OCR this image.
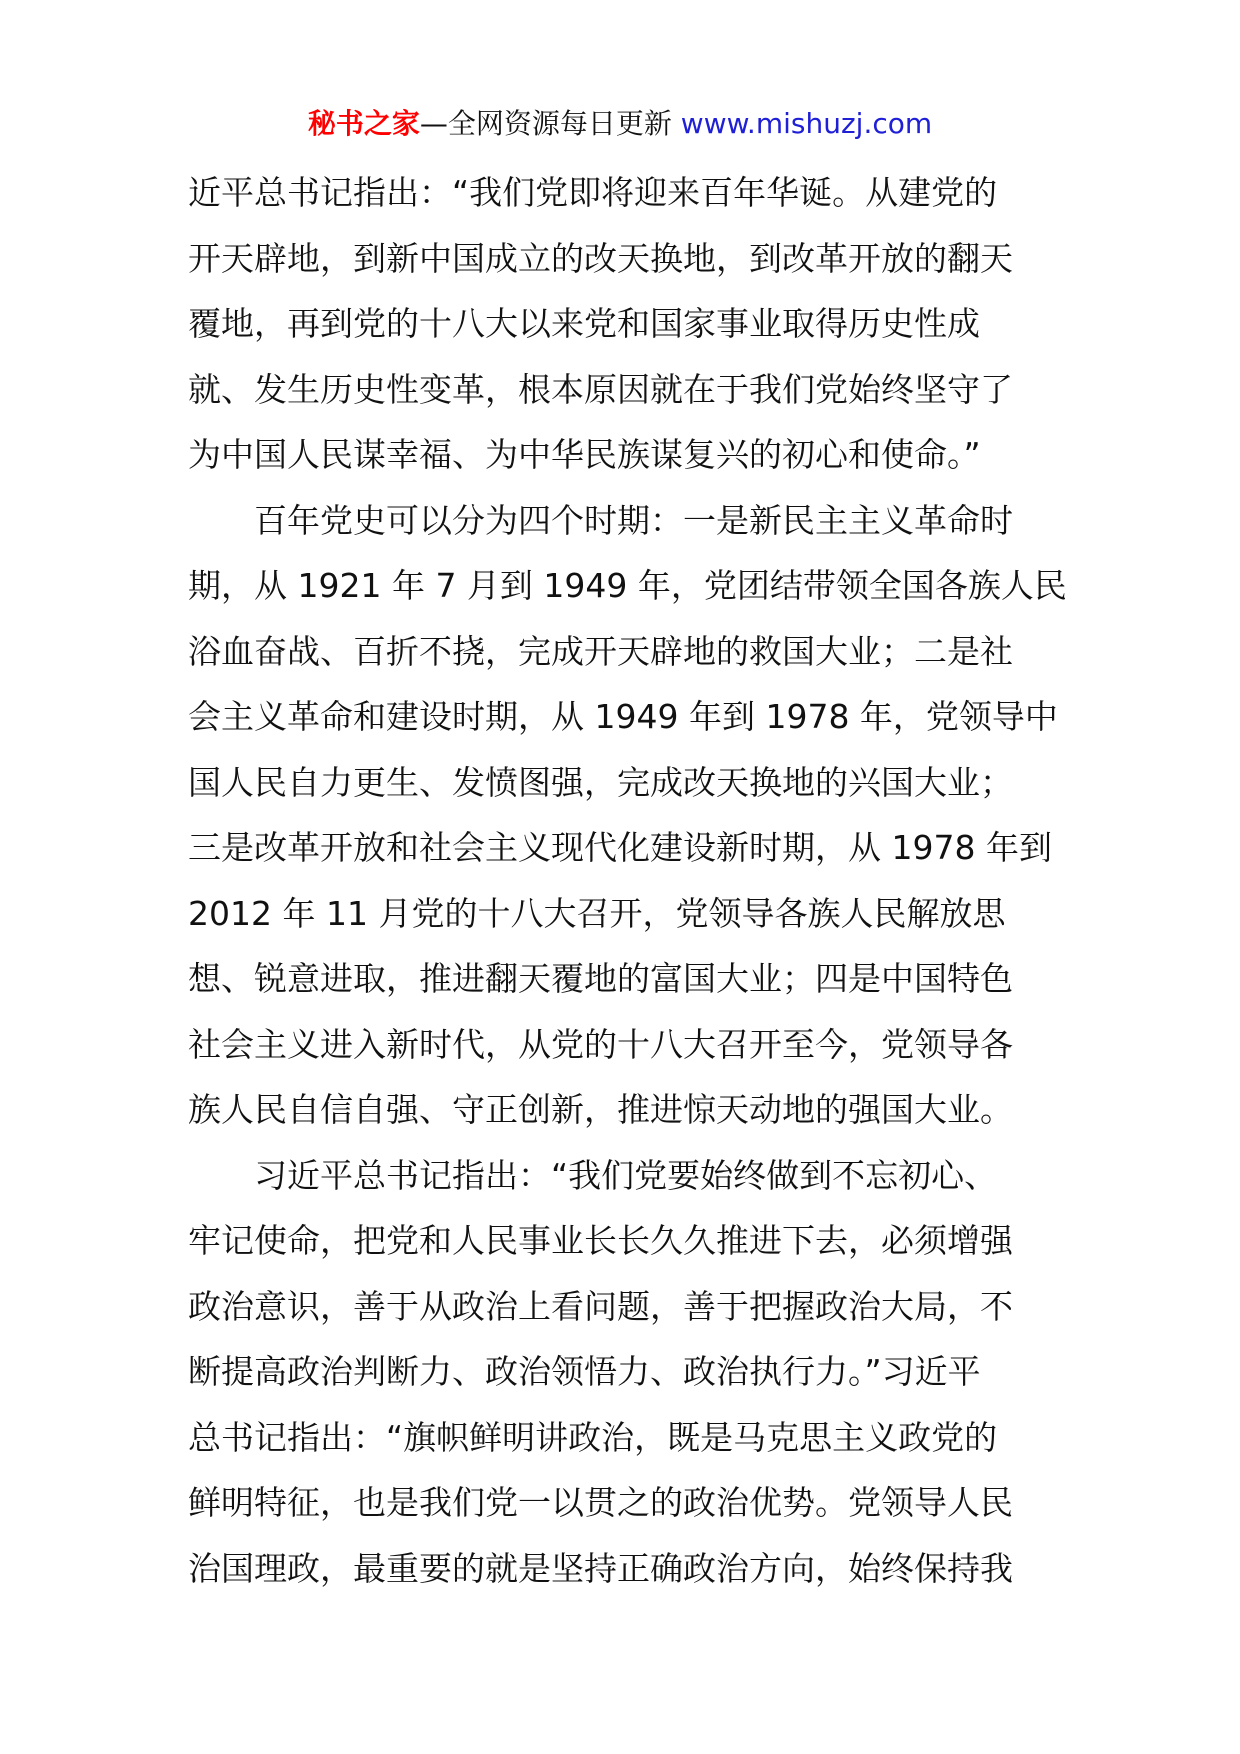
秘书之家—全网资源每日更新 www.mishuzj.com

近平总书记指出：“我们党即将迎来百年华诞。从建党的
开天辟地，到新中国成立的改天换地，到改革开放的翻天
覆地，再到党的十八大以来党和国家事业取得历史性成
就、发生历史性变革，根本原因就在于我们党始终坚守了
为中国人民谋幸福、为中华民族谋复兴的初心和使命。”

百年党史可以分为四个时期：一是新民主主义革命时
期，从 1921 年 7 月到 1949 年，党团结带领全国各族人民
浴血奋战、百折不挠，完成开天辟地的救国大业；二是社
会主义革命和建设时期，从 1949 年到 1978 年，党领导中
国人民自力更生、发愤图强，完成改天换地的兴国大业；
三是改革开放和社会主义现代化建设新时期，从 1978 年到
2012 年 11 月党的十八大召开，党领导各族人民解放思
想、锐意进取，推进翻天覆地的富国大业；四是中国特色
社会主义进入新时代，从党的十八大召开至今，党领导各
族人民自信自强、守正创新，推进惊天动地的强国大业。

习近平总书记指出：“我们党要始终做到不忘初心、
牢记使命，把党和人民事业长长久久推进下去，必须增强
政治意识，善于从政治上看问题，善于把握政治大局，不
断提高政治判断力、政治领悟力、政治执行力。”习近平
总书记指出：“旗帜鲜明讲政治，既是马克思主义政党的
鲜明特征，也是我们党一以贯之的政治优势。党领导人民
治国理政，最重要的就是坚持正确政治方向，始终保持我
